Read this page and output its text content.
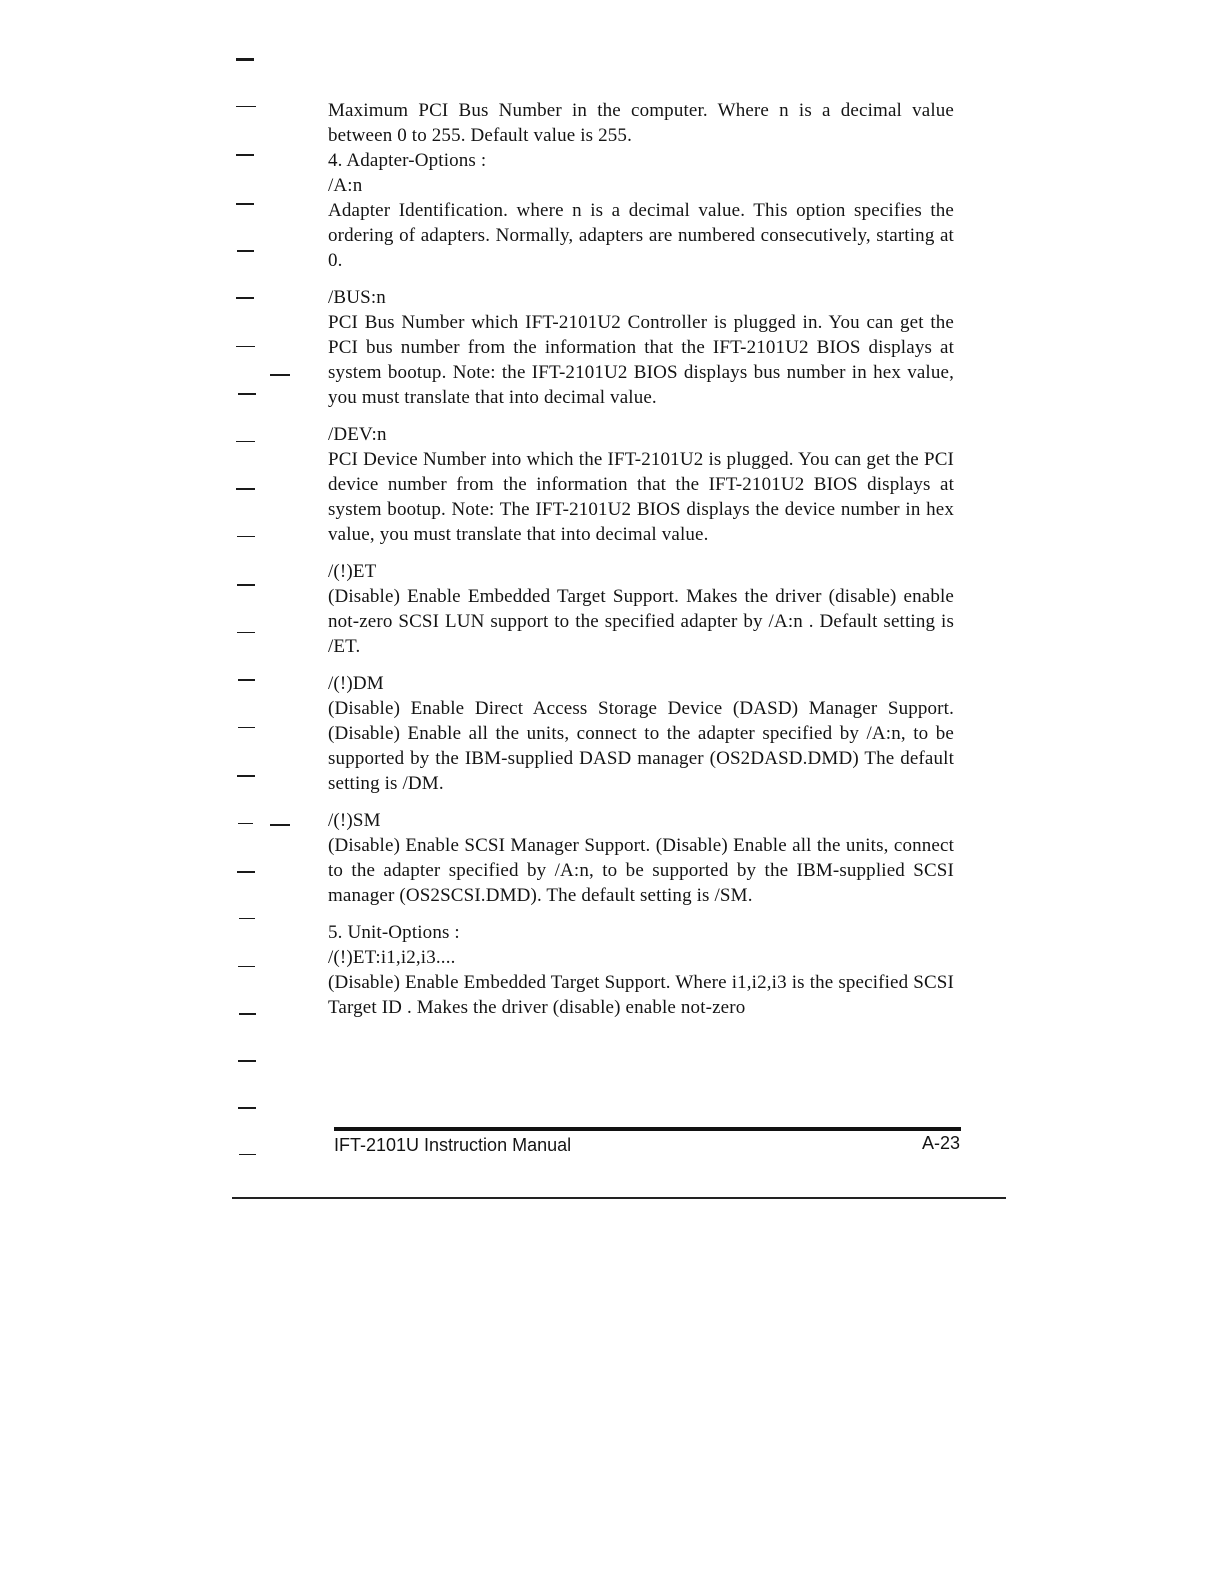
Maximum PCI Bus Number in the computer. Where n is a decimal value between 0 to 255. Default value is 255.

4. Adapter-Options :

/A:n

Adapter Identification. where n is a decimal value. This option specifies the ordering of adapters. Normally, adapters are numbered consecutively, starting at 0.

/BUS:n

PCI Bus Number which IFT-2101U2 Controller is plugged in. You can get the PCI bus number from the information that the IFT-2101U2 BIOS displays at system bootup. Note: the IFT-2101U2 BIOS displays bus number in hex value, you must translate that into decimal value.

/DEV:n

PCI Device Number into which the IFT-2101U2 is plugged. You can get the PCI device number from the information that the IFT-2101U2 BIOS displays at system bootup. Note: The IFT-2101U2 BIOS displays the device number in hex value, you must translate that into decimal value.

/(!)ET

(Disable) Enable Embedded Target Support. Makes the driver (disable) enable not-zero SCSI LUN support to the specified adapter by /A:n . Default setting is /ET.

/(!)DM

(Disable) Enable Direct Access Storage Device (DASD) Manager Support. (Disable) Enable all the units, connect to the adapter specified by /A:n, to be supported by the IBM-supplied DASD manager (OS2DASD.DMD) The default setting is /DM.

/(!)SM

(Disable) Enable SCSI Manager Support. (Disable) Enable all the units, connect to the adapter specified by /A:n, to be supported by the IBM-supplied SCSI manager (OS2SCSI.DMD). The default setting is /SM.

5. Unit-Options :

/(!)ET:i1,i2,i3....

(Disable) Enable Embedded Target Support. Where i1,i2,i3 is the specified SCSI Target ID . Makes the driver (disable) enable not-zero

IFT-2101U Instruction Manual	A-23
